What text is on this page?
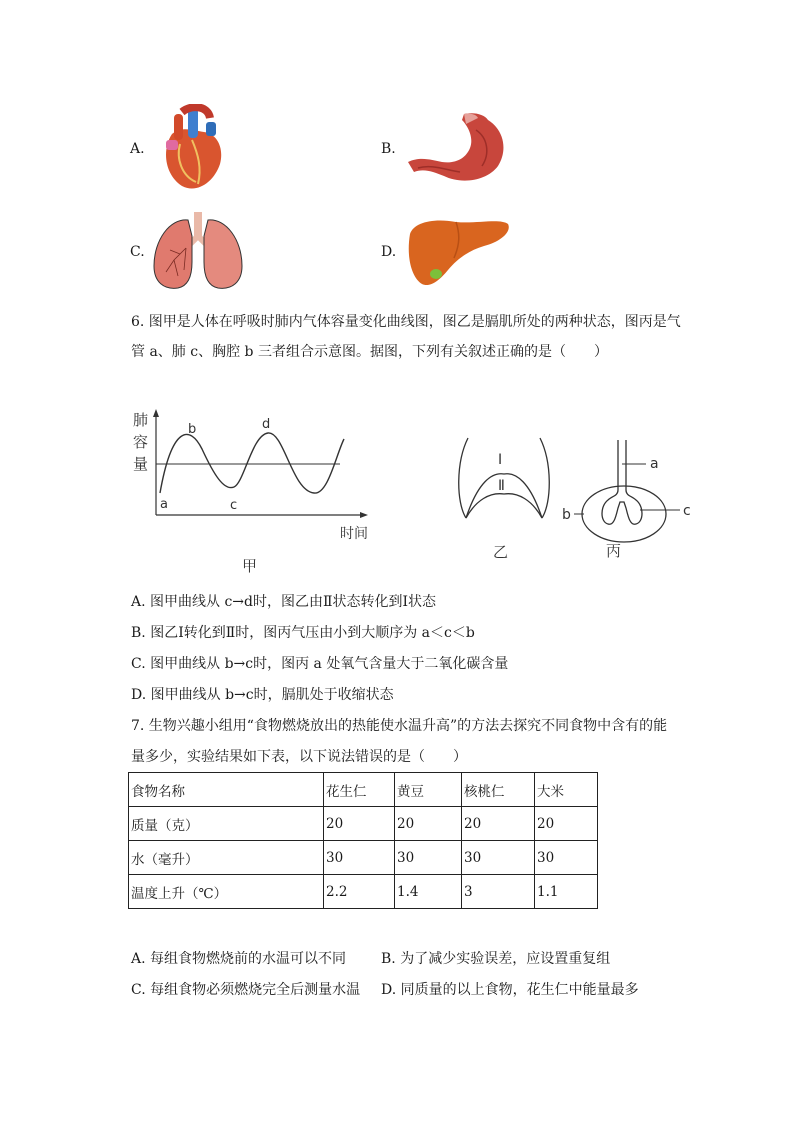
A.	B.
C.	D.
6. 图甲是人体在呼吸时肺内气体容量变化曲线图，图乙是膈肌所处的两种状态，图丙是气
管 a、肺 c、胸腔 b 三者组合示意图。据图，下列有关叙述正确的是（　　）
肺
容
量
a
b
c
d
时间
甲
Ⅰ
Ⅱ
乙
a
b	c
丙
A. 图甲曲线从 c→d时，图乙由Ⅱ状态转化到Ⅰ状态
B. 图乙Ⅰ转化到Ⅱ时，图丙气压由小到大顺序为 a＜c＜b
C. 图甲曲线从 b→c时，图丙 a 处氧气含量大于二氧化碳含量
D. 图甲曲线从 b→c时，膈肌处于收缩状态
7. 生物兴趣小组用“食物燃烧放出的热能使水温升高”的方法去探究不同食物中含有的能
量多少，实验结果如下表，以下说法错误的是（　　）
食物名称	花生仁	黄豆	核桃仁	大米
质量（克）	20	20	20	20
水（毫升）	30	30	30	30
温度上升（℃）	2.2	1.4	3	1.1
A. 每组食物燃烧前的水温可以不同 B. 为了减少实验误差，应设置重复组
C. 每组食物必须燃烧完全后测量水温 D. 同质量的以上食物，花生仁中能量最多
